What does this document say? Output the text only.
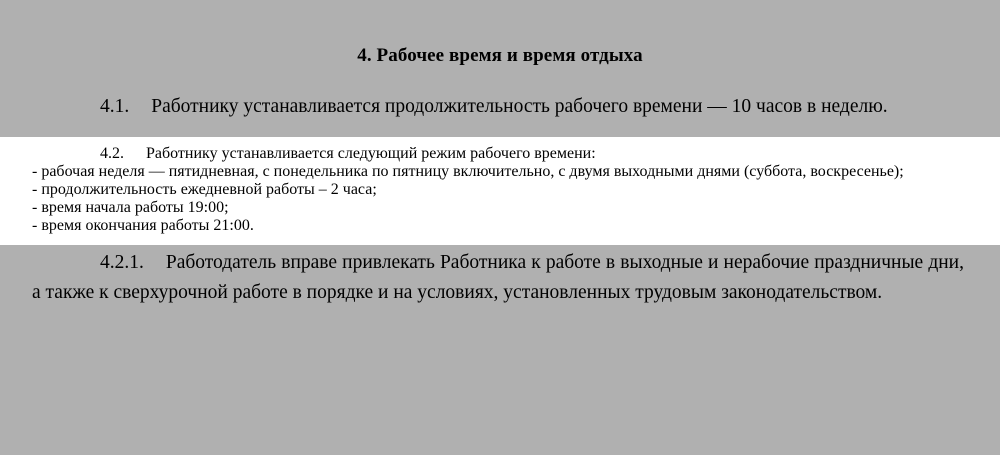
4. Рабочее время и время отдыха

4.1. Работнику устанавливается продолжительность рабочего времени — 10 часов в неделю.

4.2. Работнику устанавливается следующий режим рабочего времени:

- рабочая неделя — пятидневная, с понедельника по пятницу включительно, с двумя выходными днями (суббота, воскресенье);

- продолжительность ежедневной работы – 2 часа;

- время начала работы 19:00;

- время окончания работы 21:00.

4.2.1. Работодатель вправе привлекать Работника к работе в выходные и нерабочие праздничные дни, а также к сверхурочной работе в порядке и на условиях, установленных трудовым законодательством.
